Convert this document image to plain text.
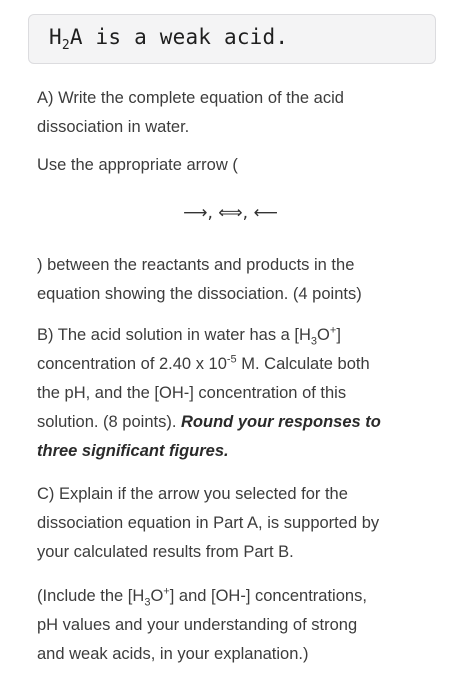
$H_2A$ is a weak acid.
A) Write the complete equation of the acid
dissociation in water.
Use the appropriate arrow (
⟶, ⟺, ⟵
) between the reactants and products in the
equation showing the dissociation. (4 points)
B) The acid solution in water has a $[H_3O^+]$
concentration of 2.40 x $10^{-5}$ M. Calculate both
the pH, and the [OH-] concentration of this
solution. (8 points). Round your responses to
three significant figures.
C) Explain if the arrow you selected for the
dissociation equation in Part A, is supported by
your calculated results from Part B.
(Include the $[H_3O^+]$ and [OH-] concentrations,
pH values and your understanding of strong
and weak acids, in your explanation.)
